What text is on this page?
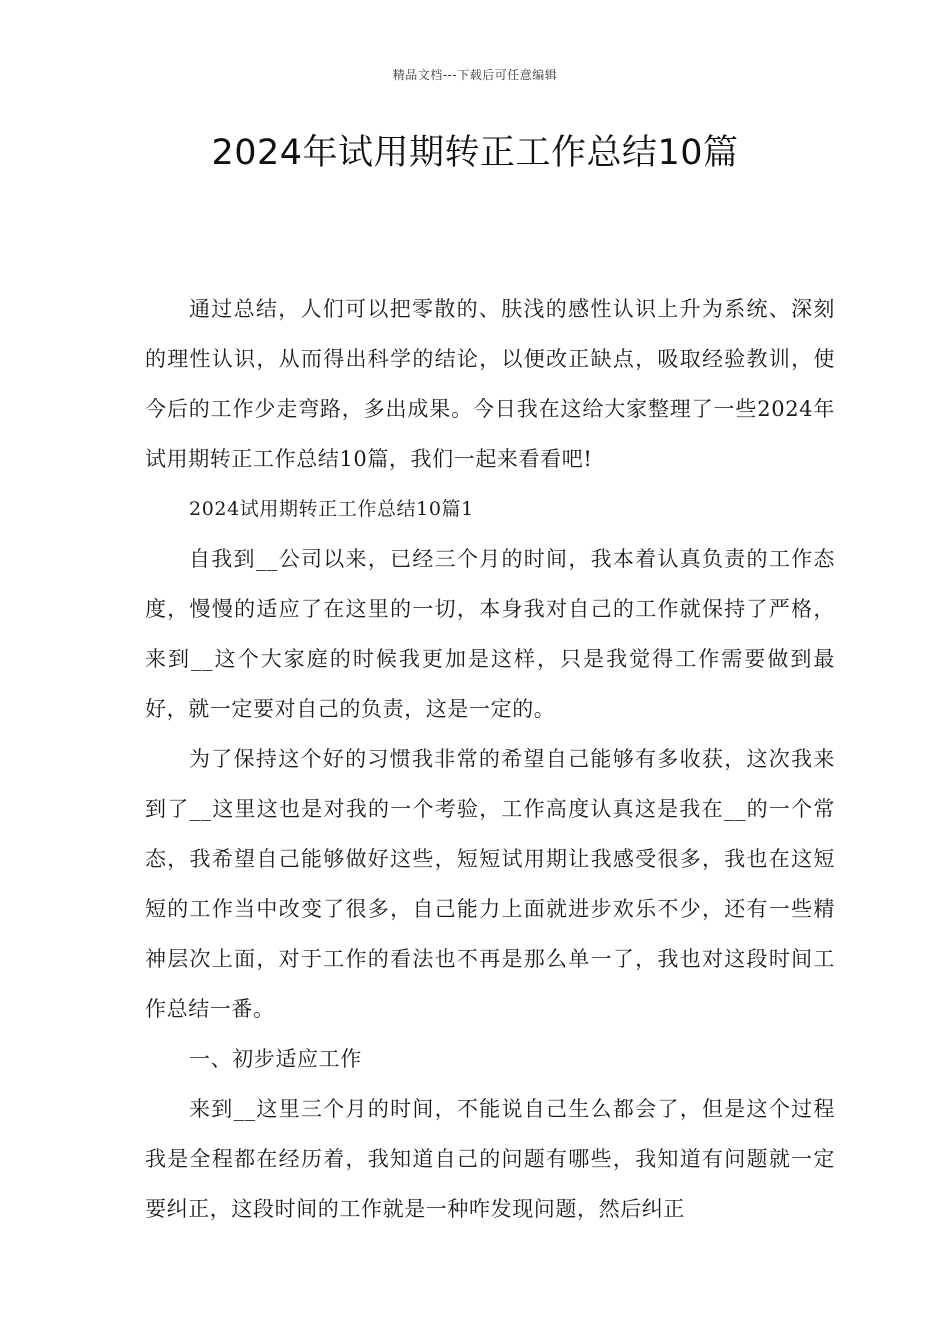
精品文档---下载后可任意编辑
2024年试用期转正工作总结10篇

通过总结，人们可以把零散的、肤浅的感性认识上升为系统、深刻的理性认识，从而得出科学的结论，以便改正缺点，吸取经验教训，使今后的工作少走弯路，多出成果。今日我在这给大家整理了一些2024年试用期转正工作总结10篇，我们一起来看看吧!

2024试用期转正工作总结10篇1

自我到__公司以来，已经三个月的时间，我本着认真负责的工作态度，慢慢的适应了在这里的一切，本身我对自己的工作就保持了严格，来到__这个大家庭的时候我更加是这样，只是我觉得工作需要做到最好，就一定要对自己的负责，这是一定的。

为了保持这个好的习惯我非常的希望自己能够有多收获，这次我来到了__这里这也是对我的一个考验，工作高度认真这是我在__的一个常态，我希望自己能够做好这些，短短试用期让我感受很多，我也在这短短的工作当中改变了很多，自己能力上面就进步欢乐不少，还有一些精神层次上面，对于工作的看法也不再是那么单一了，我也对这段时间工作总结一番。

一、初步适应工作

来到__这里三个月的时间，不能说自己生么都会了，但是这个过程我是全程都在经历着，我知道自己的问题有哪些，我知道有问题就一定要纠正，这段时间的工作就是一种咋发现问题，然后纠正
